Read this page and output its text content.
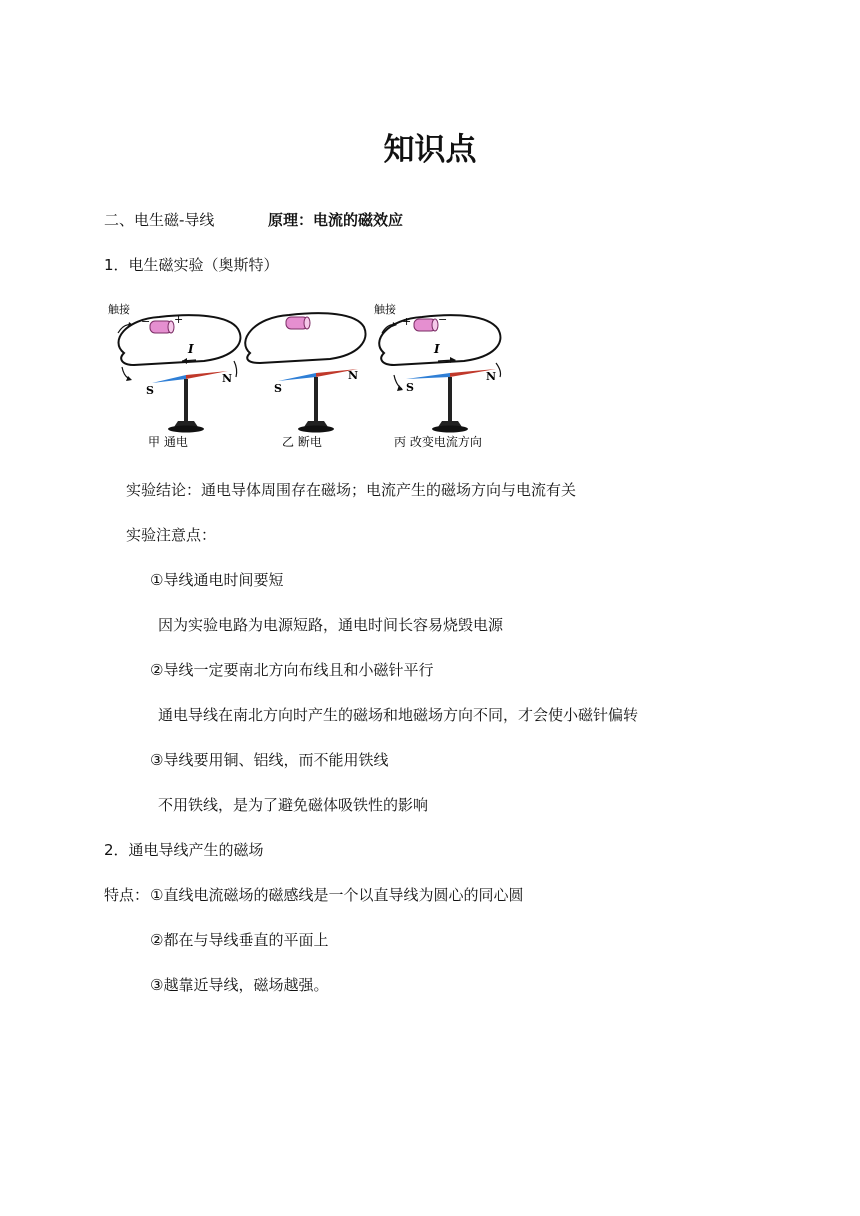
知识点
二、电生磁-导线	原理：电流的磁效应
1．电生磁实验（奥斯特）
触接
− +
I
S
N
甲 通电
S
N
乙 断电
触接
+ −
I
S
N
丙 改变电流方向
实验结论：通电导体周围存在磁场；电流产生的磁场方向与电流有关
实验注意点：
①导线通电时间要短
因为实验电路为电源短路，通电时间长容易烧毁电源
②导线一定要南北方向布线且和小磁针平行
通电导线在南北方向时产生的磁场和地磁场方向不同，才会使小磁针偏转
③导线要用铜、铝线，而不能用铁线
不用铁线，是为了避免磁体吸铁性的影响
2．通电导线产生的磁场
特点： ①直线电流磁场的磁感线是一个以直导线为圆心的同心圆
②都在与导线垂直的平面上
③越靠近导线，磁场越强。
